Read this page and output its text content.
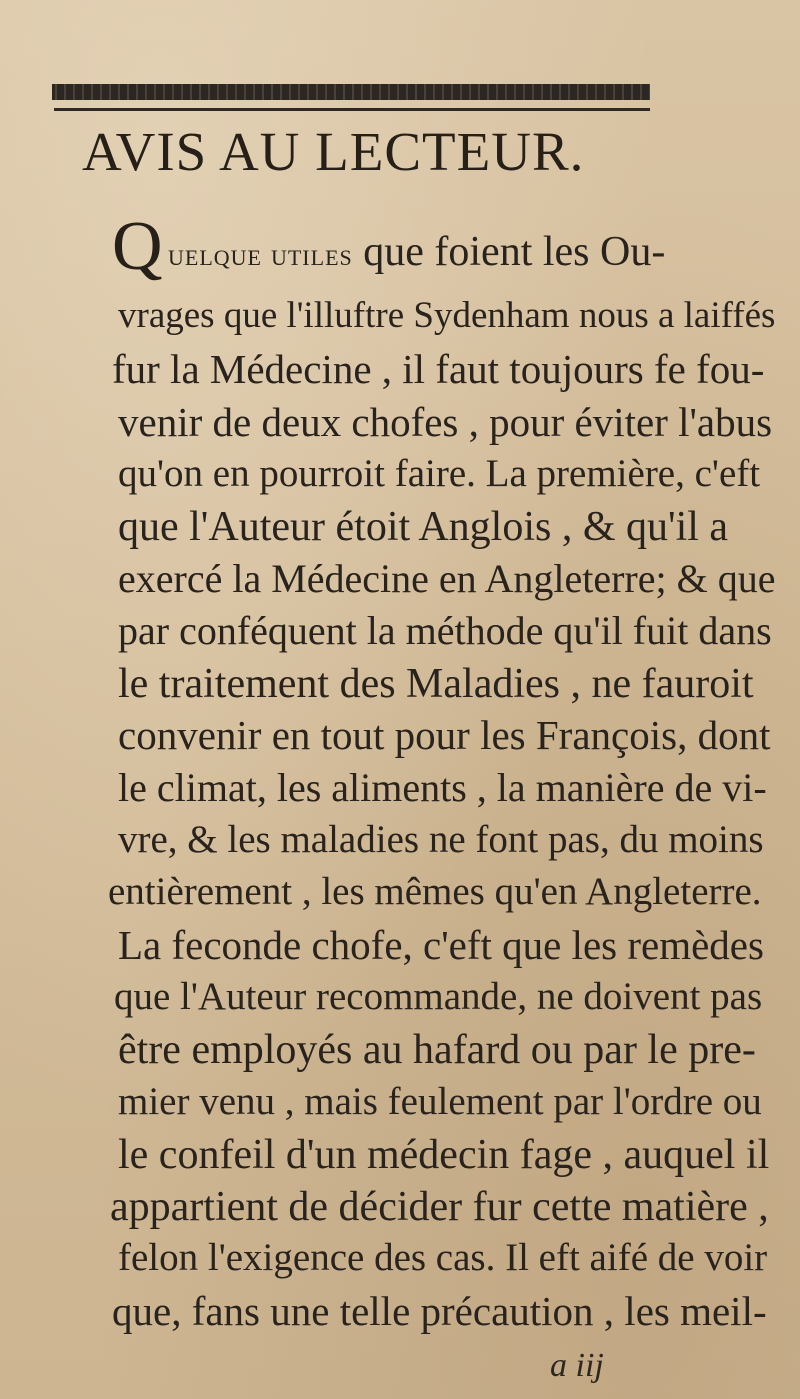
AVIS AU LECTEUR.
Q uelque utiles que foient les Ou-
vrages que l'illuftre Sydenham nous a laiffés
fur la Médecine , il faut toujours fe fou-
venir de deux chofes , pour éviter l'abus
qu'on en pourroit faire. La première, c'eft
que l'Auteur étoit Anglois , & qu'il a
exercé la Médecine en Angleterre; & que
par conféquent la méthode qu'il fuit dans
le traitement des Maladies , ne fauroit
convenir en tout pour les François, dont
le climat, les aliments , la manière de vi-
vre, & les maladies ne font pas, du moins
entièrement , les mêmes qu'en Angleterre.
La feconde chofe, c'eft que les remèdes
que l'Auteur recommande, ne doivent pas
être employés au hafard ou par le pre-
mier venu , mais feulement par l'ordre ou
le confeil d'un médecin fage , auquel il
appartient de décider fur cette matière ,
felon l'exigence des cas. Il eft aifé de voir
que, fans une telle précaution , les meil-
a iij
